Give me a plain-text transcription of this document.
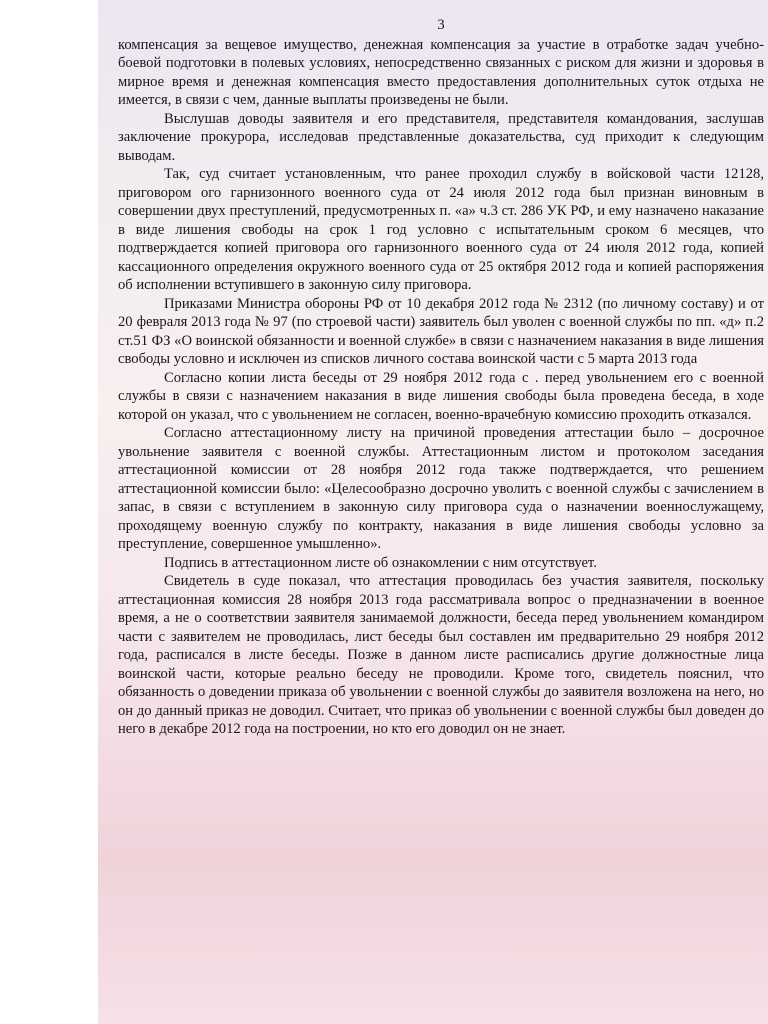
3

компенсация за вещевое имущество, денежная компенсация за участие в отработке задач учебно-боевой подготовки в полевых условиях, непосредственно связанных с риском для жизни и здоровья в мирное время и денежная компенсация вместо предоставления дополнительных суток отдыха не имеется, в связи с чем, данные выплаты произведены не были.

Выслушав доводы заявителя и его представителя, представителя командования, заслушав заключение прокурора, исследовав представленные доказательства, суд приходит к следующим выводам.

Так, суд считает установленным, что ранее проходил службу в войсковой части 12128, приговором ого гарнизонного военного суда от 24 июля 2012 года был признан виновным в совершении двух преступлений, предусмотренных п. «а» ч.3 ст. 286 УК РФ, и ему назначено наказание в виде лишения свободы на срок 1 год условно с испытательным сроком 6 месяцев, что подтверждается копией приговора ого гарнизонного военного суда от 24 июля 2012 года, копией кассационного определения окружного военного суда от 25 октября 2012 года и копией распоряжения об исполнении вступившего в законную силу приговора.

Приказами Министра обороны РФ от 10 декабря 2012 года № 2312 (по личному составу) и от 20 февраля 2013 года № 97 (по строевой части) заявитель был уволен с военной службы по пп. «д» п.2 ст.51 ФЗ «О воинской обязанности и военной службе» в связи с назначением наказания в виде лишения свободы условно и исключен из списков личного состава воинской части с 5 марта 2013 года

Согласно копии листа беседы от 29 ноября 2012 года с . перед увольнением его с военной службы в связи с назначением наказания в виде лишения свободы была проведена беседа, в ходе которой он указал, что с увольнением не согласен, военно-врачебную комиссию проходить отказался.

Согласно аттестационному листу на причиной проведения аттестации было – досрочное увольнение заявителя с военной службы. Аттестационным листом и протоколом заседания аттестационной комиссии от 28 ноября 2012 года также подтверждается, что решением аттестационной комиссии было: «Целесообразно досрочно уволить с военной службы с зачислением в запас, в связи с вступлением в законную силу приговора суда о назначении военнослужащему, проходящему военную службу по контракту, наказания в виде лишения свободы условно за преступление, совершенное умышленно».

Подпись в аттестационном листе об ознакомлении с ним отсутствует.

Свидетель в суде показал, что аттестация проводилась без участия заявителя, поскольку аттестационная комиссия 28 ноября 2013 года рассматривала вопрос о предназначении в военное время, а не о соответствии заявителя занимаемой должности, беседа перед увольнением командиром части с заявителем не проводилась, лист беседы был составлен им предварительно 29 ноября 2012 года, расписался в листе беседы. Позже в данном листе расписались другие должностные лица воинской части, которые реально беседу не проводили. Кроме того, свидетель пояснил, что обязанность о доведении приказа об увольнении с военной службы до заявителя возложена на него, но он до данный приказ не доводил. Считает, что приказ об увольнении с военной службы был доведен до него в декабре 2012 года на построении, но кто его доводил он не знает.
